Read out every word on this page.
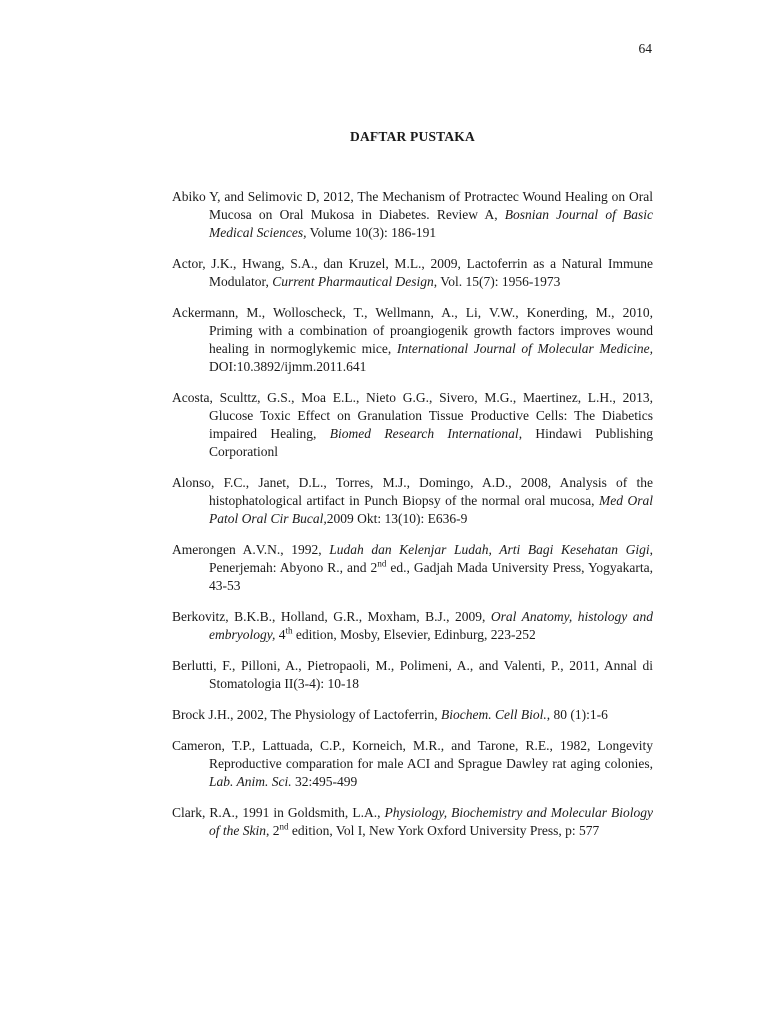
64
DAFTAR PUSTAKA

Abiko Y, and Selimovic D, 2012, The Mechanism of Protractec Wound Healing on Oral Mucosa on Oral Mukosa in Diabetes. Review A, Bosnian Journal of Basic Medical Sciences, Volume 10(3): 186-191

Actor, J.K., Hwang, S.A., dan Kruzel, M.L., 2009, Lactoferrin as a Natural Immune Modulator, Current Pharmautical Design, Vol. 15(7): 1956-1973

Ackermann, M., Wolloscheck, T., Wellmann, A., Li, V.W., Konerding, M., 2010, Priming with a combination of proangiogenik growth factors improves wound healing in normoglykemic mice, International Journal of Molecular Medicine, DOI:10.3892/ijmm.2011.641

Acosta, Sculttz, G.S., Moa E.L., Nieto G.G., Sivero, M.G., Maertinez, L.H., 2013, Glucose Toxic Effect on Granulation Tissue Productive Cells: The Diabetics impaired Healing, Biomed Research International, Hindawi Publishing Corporationl

Alonso, F.C., Janet, D.L., Torres, M.J., Domingo, A.D., 2008, Analysis of the histophatological artifact in Punch Biopsy of the normal oral mucosa, Med Oral Patol Oral Cir Bucal,2009 Okt: 13(10): E636-9

Amerongen A.V.N., 1992, Ludah dan Kelenjar Ludah, Arti Bagi Kesehatan Gigi, Penerjemah: Abyono R., and 2nd ed., Gadjah Mada University Press, Yogyakarta, 43-53

Berkovitz, B.K.B., Holland, G.R., Moxham, B.J., 2009, Oral Anatomy, histology and embryology, 4th edition, Mosby, Elsevier, Edinburg, 223-252

Berlutti, F., Pilloni, A., Pietropaoli, M., Polimeni, A., and Valenti, P., 2011, Annal di Stomatologia II(3-4): 10-18

Brock J.H., 2002, The Physiology of Lactoferrin, Biochem. Cell Biol., 80 (1):1-6

Cameron, T.P., Lattuada, C.P., Korneich, M.R., and Tarone, R.E., 1982, Longevity Reproductive comparation for male ACI and Sprague Dawley rat aging colonies, Lab. Anim. Sci. 32:495-499

Clark, R.A., 1991 in Goldsmith, L.A., Physiology, Biochemistry and Molecular Biology of the Skin, 2nd edition, Vol I, New York Oxford University Press, p: 577
